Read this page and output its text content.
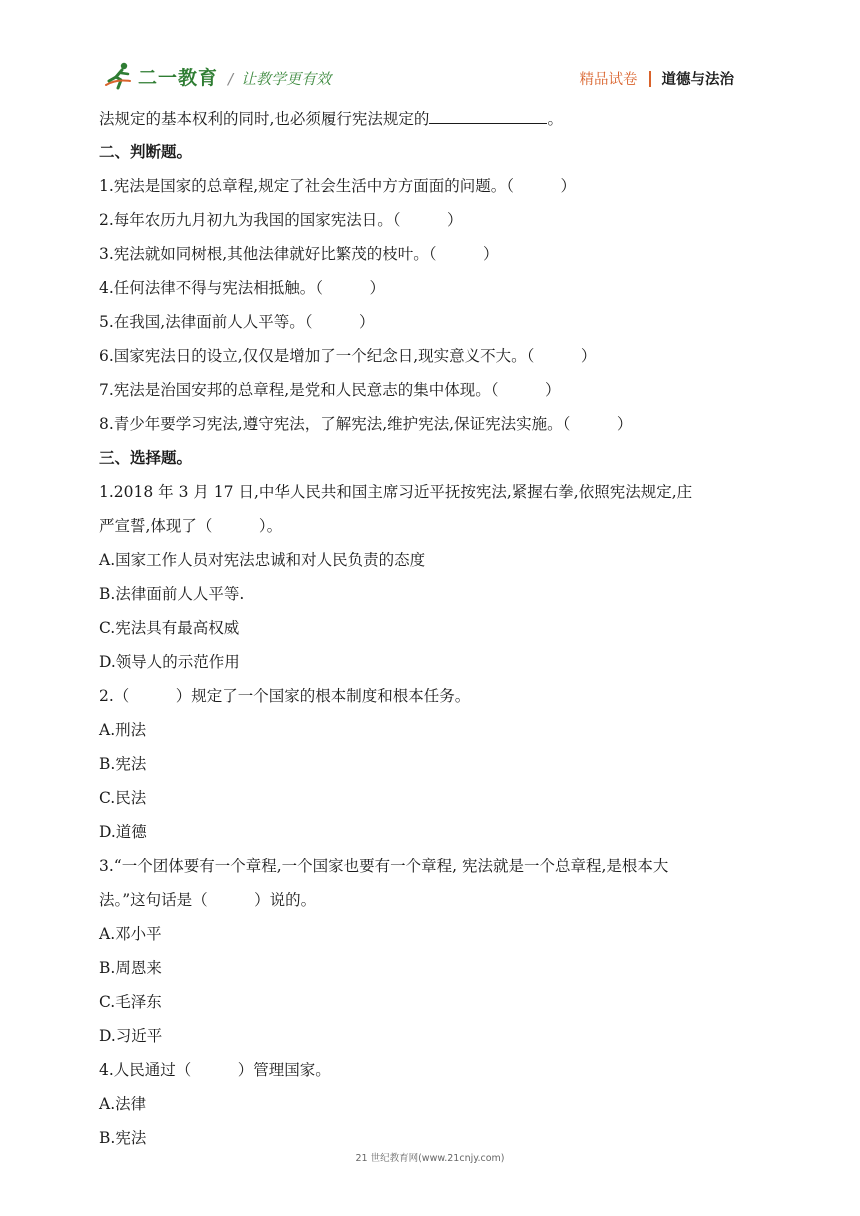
二一教育 / 让教学更有效	精品试卷 道德与法治
法规定的基本权利的同时,也必须履行宪法规定的	。
二、判断题。
1.宪法是国家的总章程,规定了社会生活中方方面面的问题。（　　　）
2.每年农历九月初九为我国的国家宪法日。（　　　）
3.宪法就如同树根,其他法律就好比繁茂的枝叶。（　　　）
4.任何法律不得与宪法相抵触。（　　　）
5.在我国,法律面前人人平等。（　　　）
6.国家宪法日的设立,仅仅是增加了一个纪念日,现实意义不大。（　　　）
7.宪法是治国安邦的总章程,是党和人民意志的集中体现。（　　　）
8.青少年要学习宪法,遵守宪法，了解宪法,维护宪法,保证宪法实施。（　　　）
三、选择题。
1.2018 年 3 月 17 日,中华人民共和国主席习近平抚按宪法,紧握右拳,依照宪法规定,庄
严宣誓,体现了（　　　）。
A.国家工作人员对宪法忠诚和对人民负责的态度
B.法律面前人人平等.
C.宪法具有最高权威
D.领导人的示范作用
2.（　　　）规定了一个国家的根本制度和根本任务。
A.刑法
B.宪法
C.民法
D.道德
3.“一个团体要有一个章程,一个国家也要有一个章程, 宪法就是一个总章程,是根本大
法。”这句话是（　　　）说的。
A.邓小平
B.周恩来
C.毛泽东
D.习近平
4.人民通过（　　　）管理国家。
A.法律
B.宪法
21 世纪教育网(www.21cnjy.com)
